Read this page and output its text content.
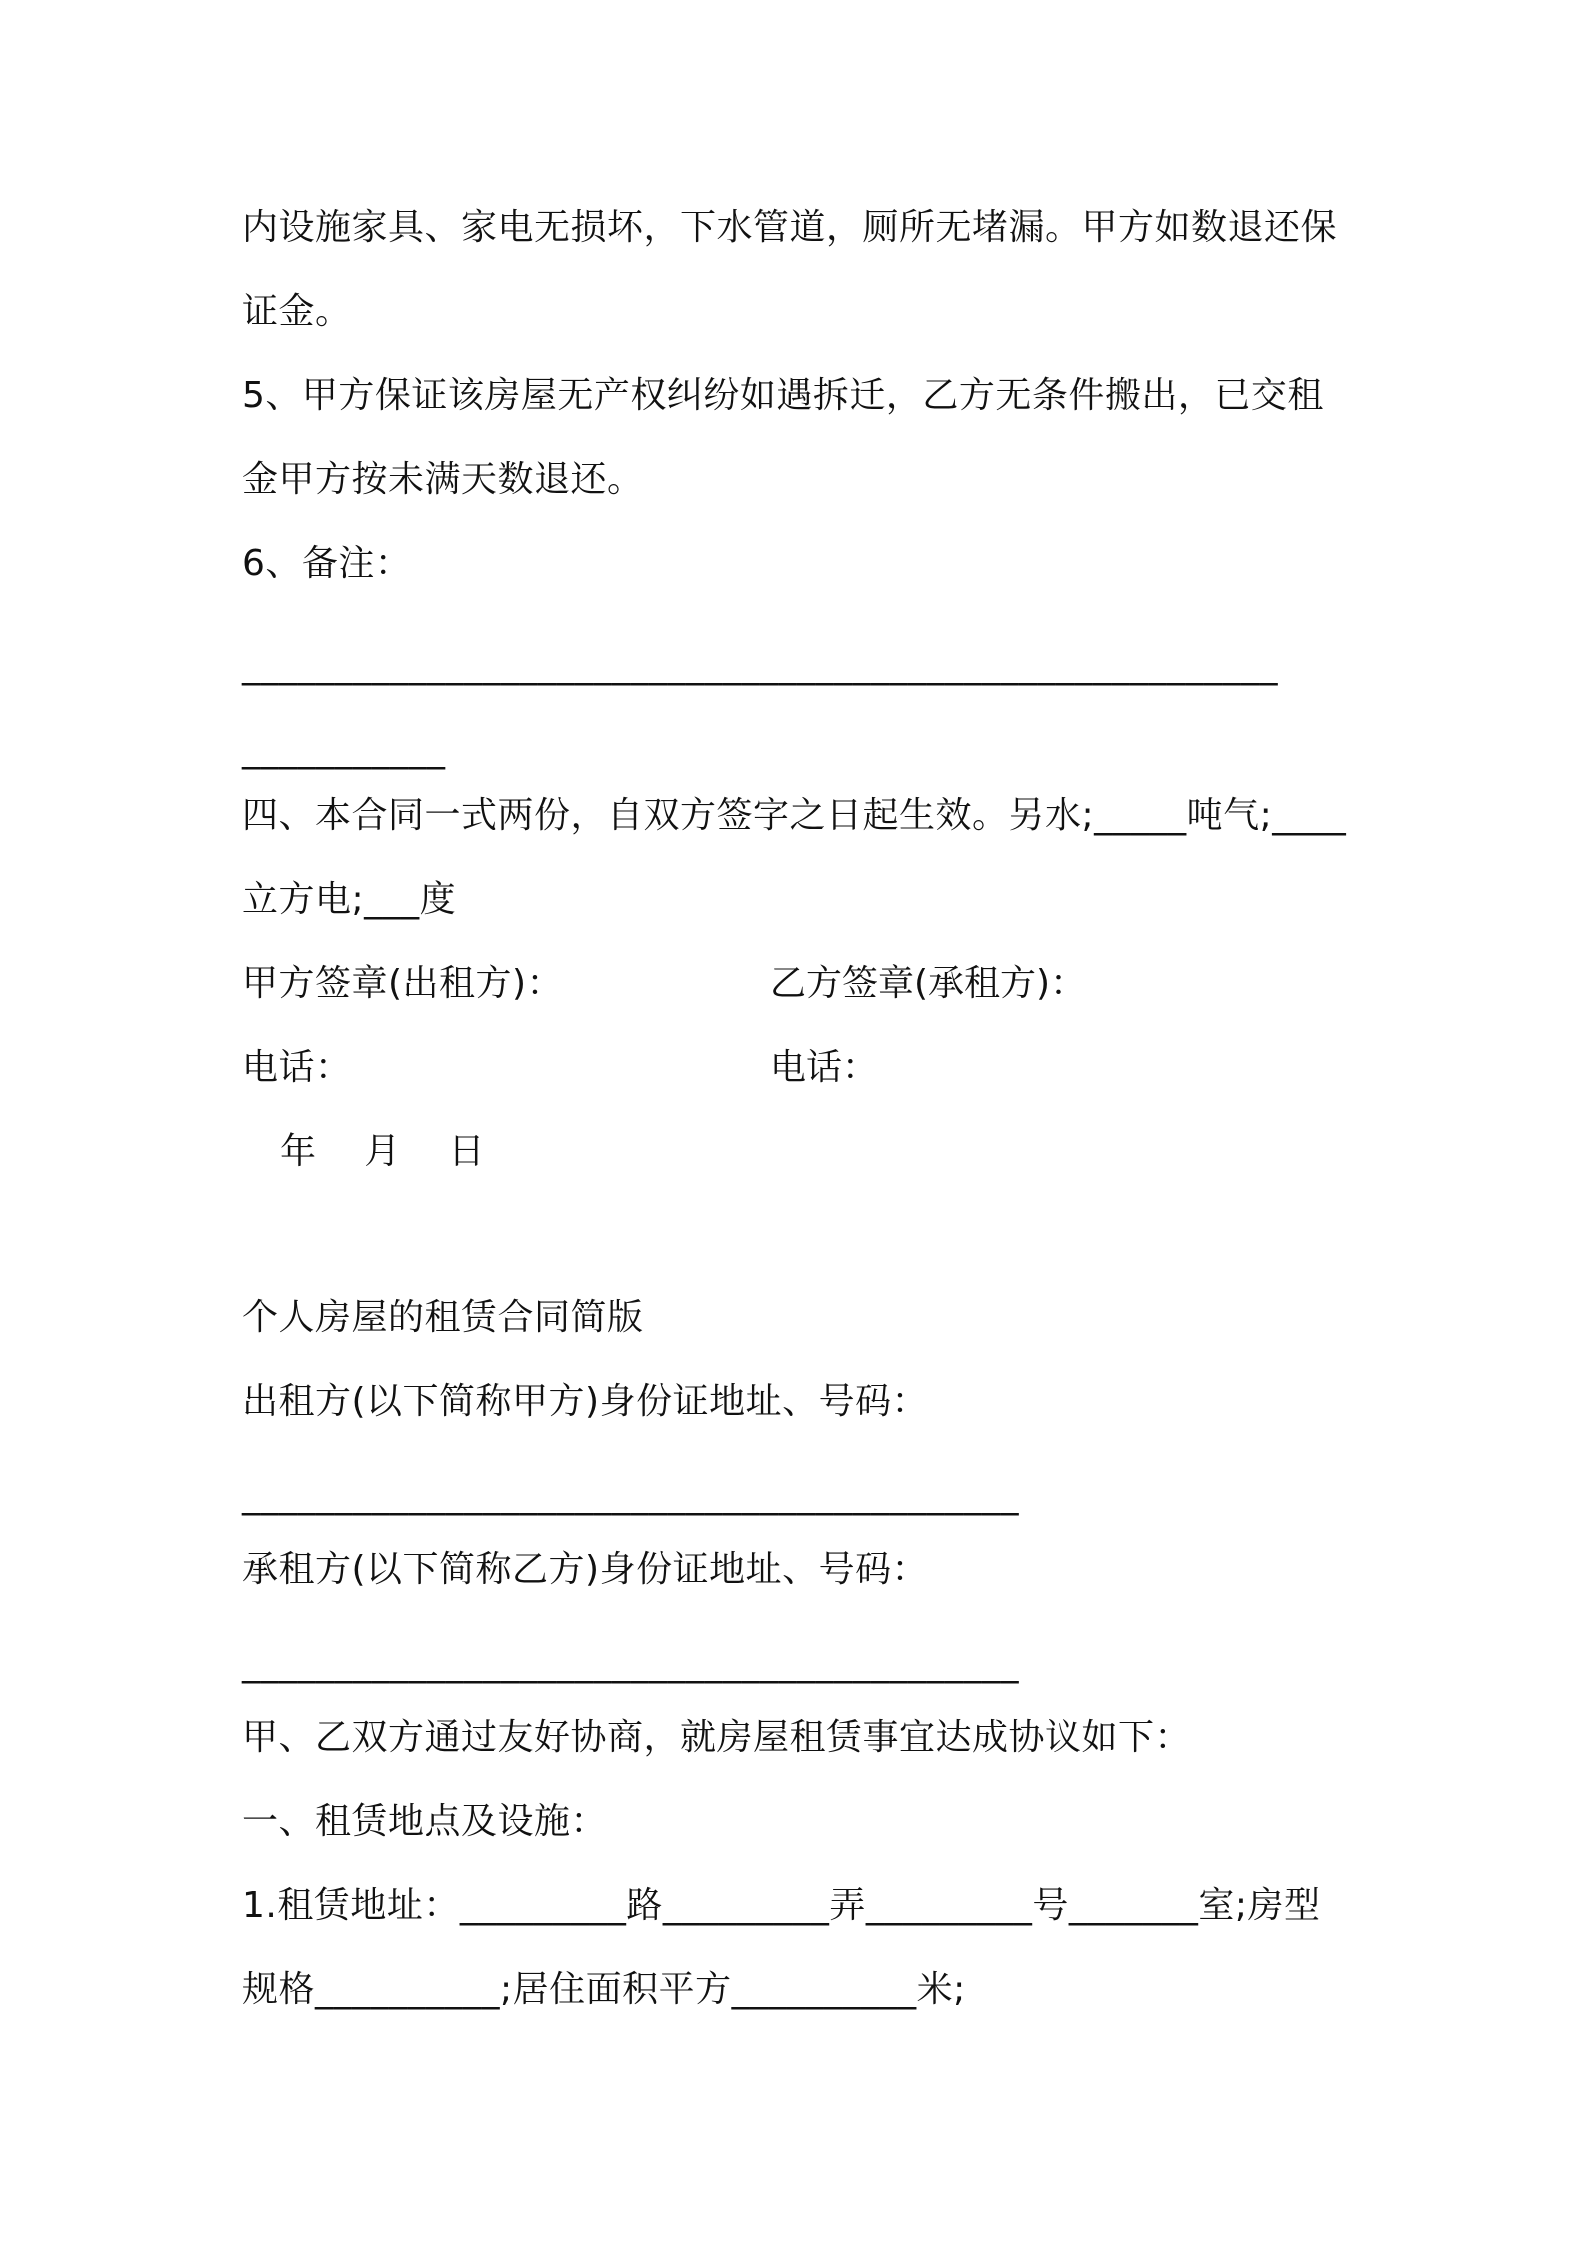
内设施家具、家电无损坏，下水管道，厕所无堵漏。甲方如数退还保
证金。
5、甲方保证该房屋无产权纠纷如遇拆迁，乙方无条件搬出，已交租
金甲方按未满天数退还。
6、备注：
________________________________________________________
___________
四、本合同一式两份，自双方签字之日起生效。另水;_____吨气;____
立方电;___度
甲方签章(出租方)：	乙方签章(承租方)：
电话：	电话：
年    月    日
个人房屋的租赁合同简版
出租方(以下简称甲方)身份证地址、号码：
__________________________________________
承租方(以下简称乙方)身份证地址、号码：
__________________________________________
甲、乙双方通过友好协商，就房屋租赁事宜达成协议如下：
一、租赁地点及设施：
1.租赁地址：_________路_________弄_________号_______室;房型
规格__________;居住面积平方__________米;
